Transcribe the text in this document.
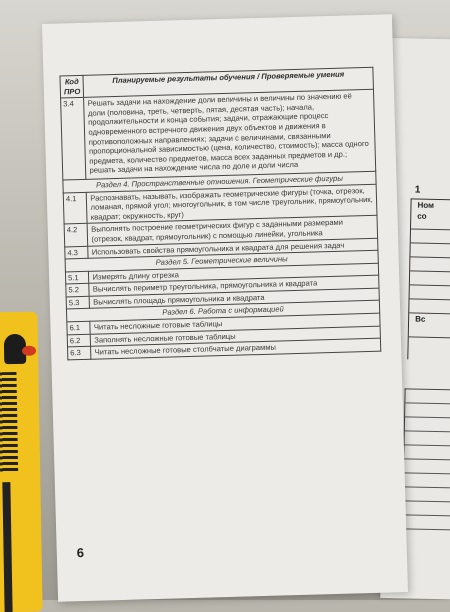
1
Ном
со
Вс
Код ПРО	Планируемые результаты обучения / Проверяемые умения
3.4	Решать задачи на нахождение доли величины и величины по значению её доли (половина, треть, четверть, пятая, десятая часть); начала, продолжительности и конца события; задачи, отражающие процесс одновременного встречного движения двух объектов и движения в противоположных направлениях; задачи с величинами, связанными пропорциональной зависимостью (цена, количество, стоимость); масса одного предмета, количество предметов, масса всех заданных предметов и др.; решать задачи на нахождение числа по доле и доли числа
Раздел 4. Пространственные отношения. Геометрические фигуры	
4.1	Распознавать, называть, изображать геометрические фигуры (точка, отрезок, ломаная, прямой угол; многоугольник, в том числе треугольник, прямоугольник, квадрат; окружность, круг)
4.2	Выполнять построение геометрических фигур с заданными размерами (отрезок, квадрат, прямоугольник) с помощью линейки, угольника
4.3	Использовать свойства прямоугольника и квадрата для решения задач
Раздел 5. Геометрические величины	
5.1	Измерять длину отрезка
5.2	Вычислять периметр треугольника, прямоугольника и квадрата
5.3	Вычислять площадь прямоугольника и квадрата
Раздел 6. Работа с информацией	
6.1	Читать несложные готовые таблицы
6.2	Заполнять несложные готовые таблицы
6.3	Читать несложные готовые столбчатые диаграммы
6
